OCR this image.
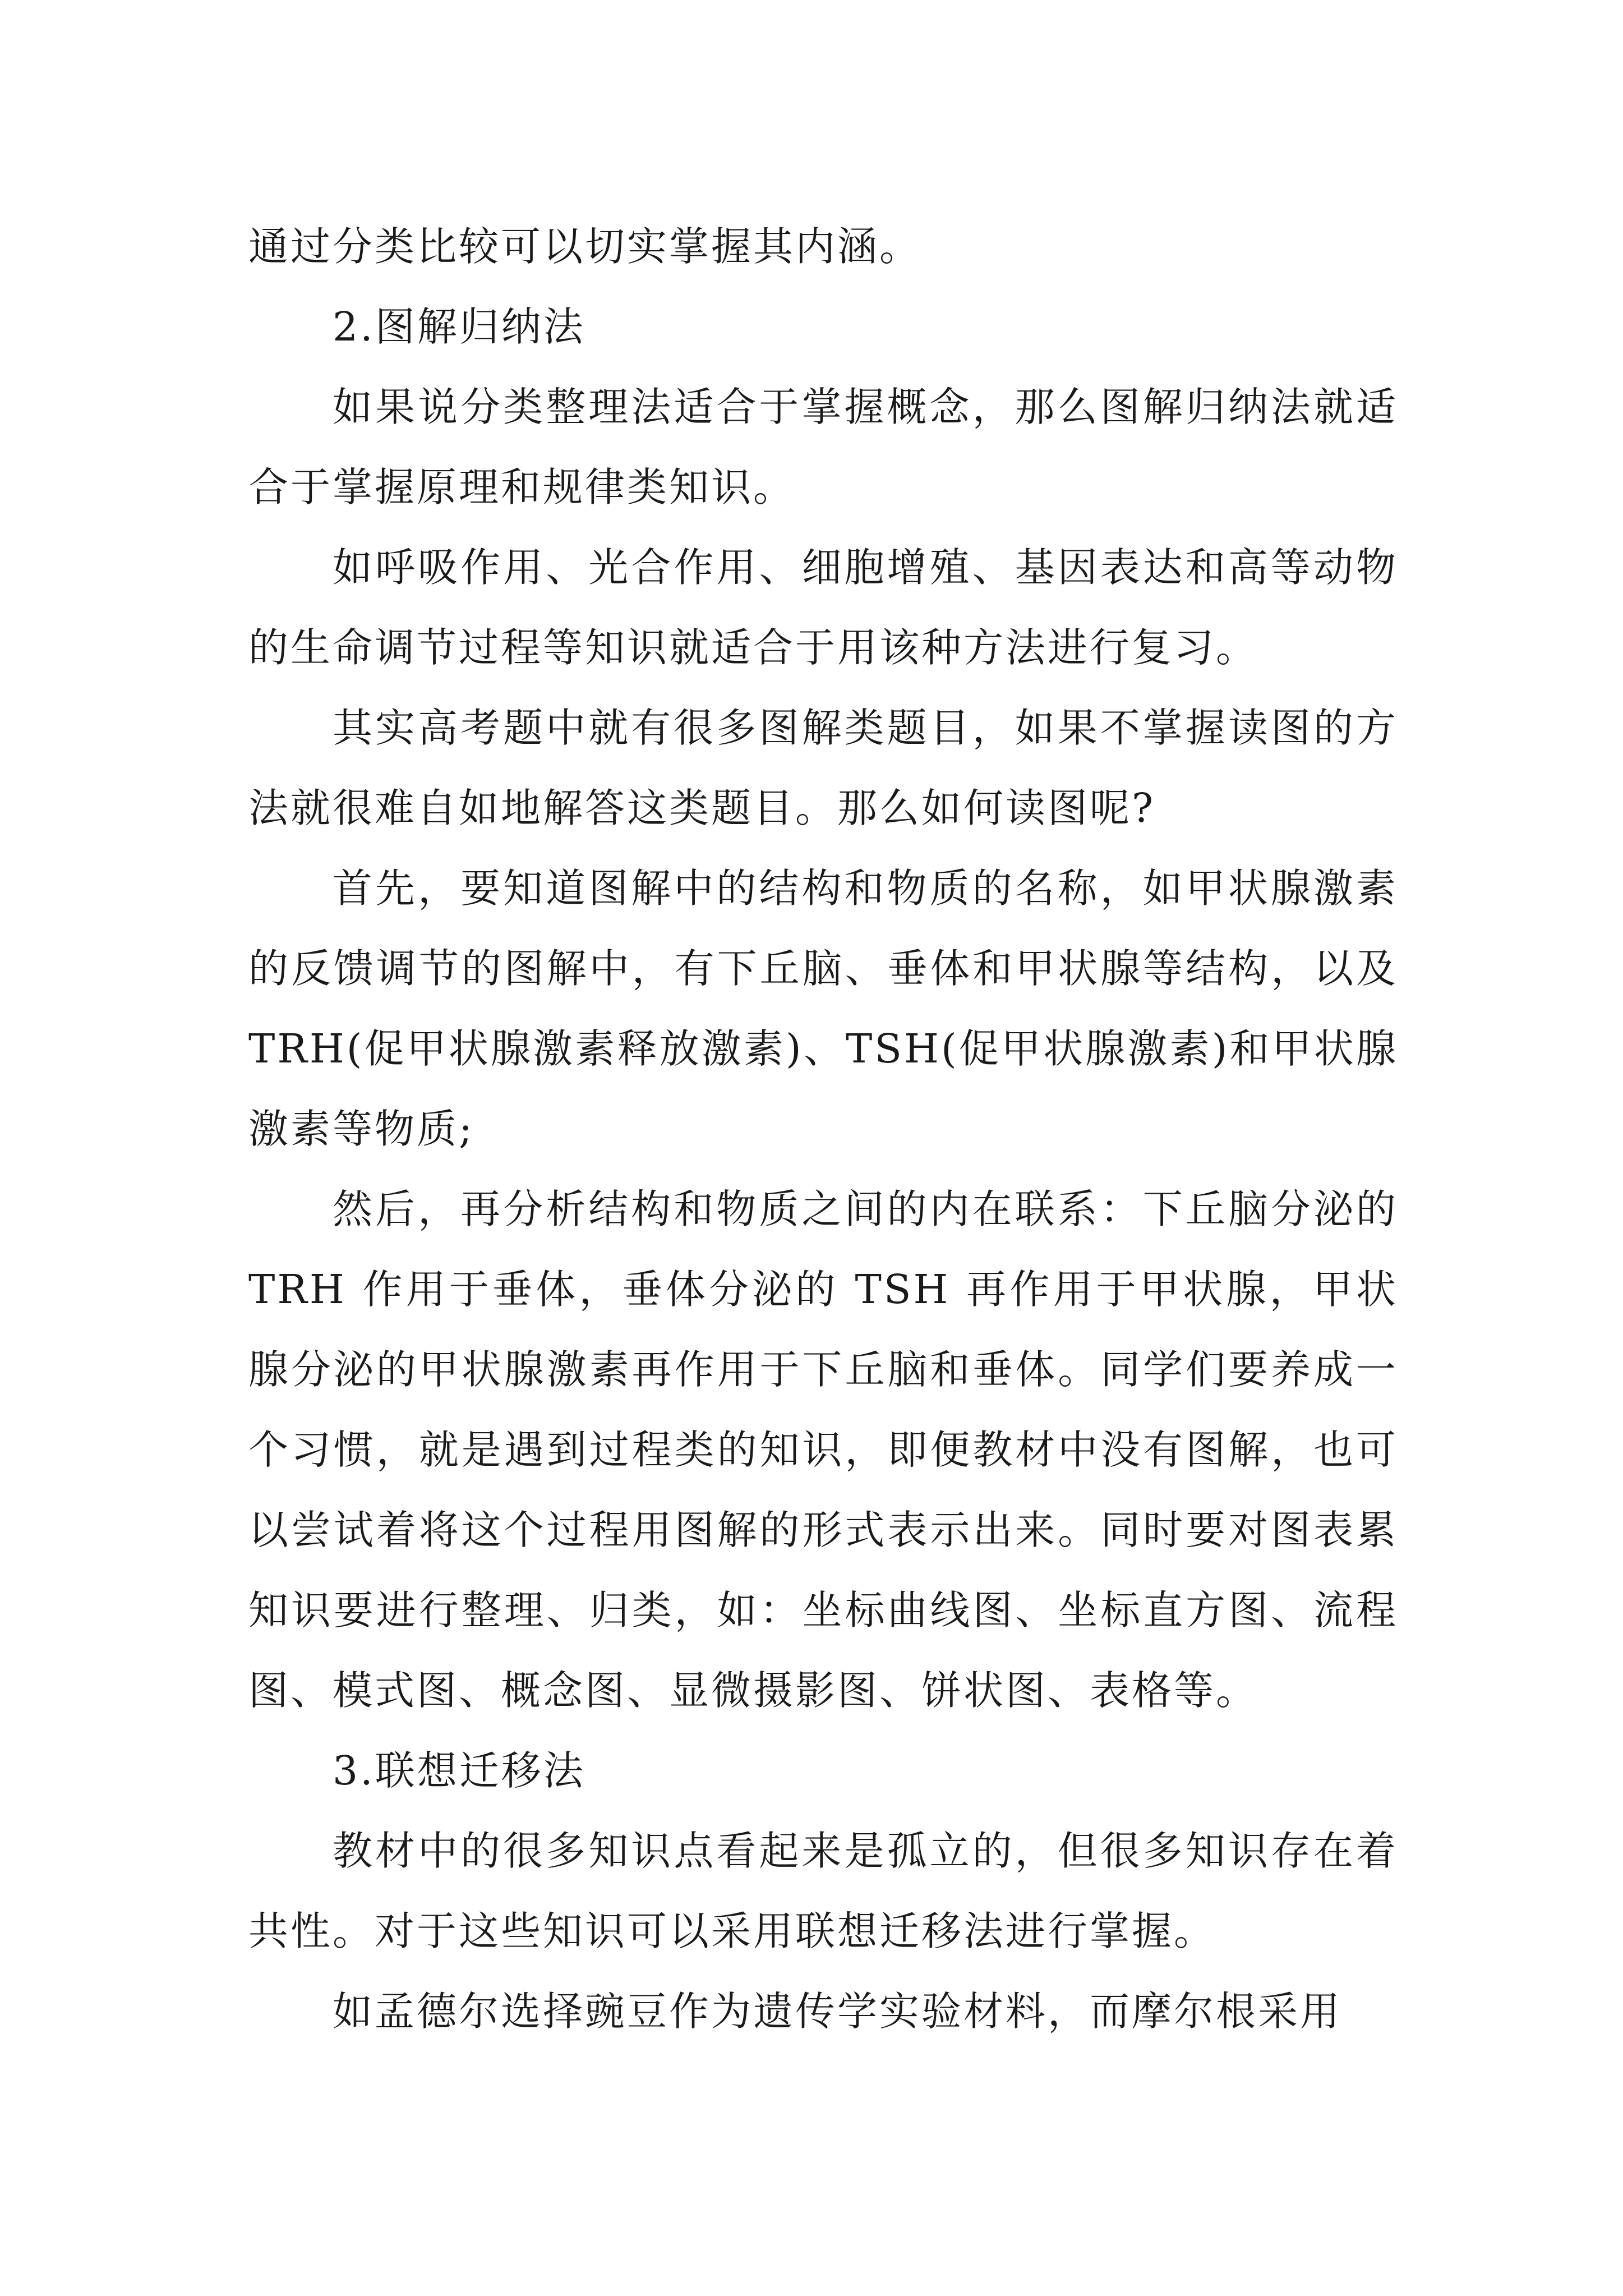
通过分类比较可以切实掌握其内涵。

2.图解归纳法

如果说分类整理法适合于掌握概念，那么图解归纳法就适合于掌握原理和规律类知识。

如呼吸作用、光合作用、细胞增殖、基因表达和高等动物的生命调节过程等知识就适合于用该种方法进行复习。

其实高考题中就有很多图解类题目，如果不掌握读图的方法就很难自如地解答这类题目。那么如何读图呢?

首先，要知道图解中的结构和物质的名称，如甲状腺激素的反馈调节的图解中，有下丘脑、垂体和甲状腺等结构，以及 TRH(促甲状腺激素释放激素)、TSH(促甲状腺激素)和甲状腺激素等物质;

然后，再分析结构和物质之间的内在联系：下丘脑分泌的 TRH 作用于垂体，垂体分泌的 TSH 再作用于甲状腺，甲状腺分泌的甲状腺激素再作用于下丘脑和垂体。同学们要养成一个习惯，就是遇到过程类的知识，即便教材中没有图解，也可以尝试着将这个过程用图解的形式表示出来。同时要对图表累知识要进行整理、归类，如：坐标曲线图、坐标直方图、流程图、模式图、概念图、显微摄影图、饼状图、表格等。

3.联想迁移法

教材中的很多知识点看起来是孤立的，但很多知识存在着共性。对于这些知识可以采用联想迁移法进行掌握。

如孟德尔选择豌豆作为遗传学实验材料，而摩尔根采用
